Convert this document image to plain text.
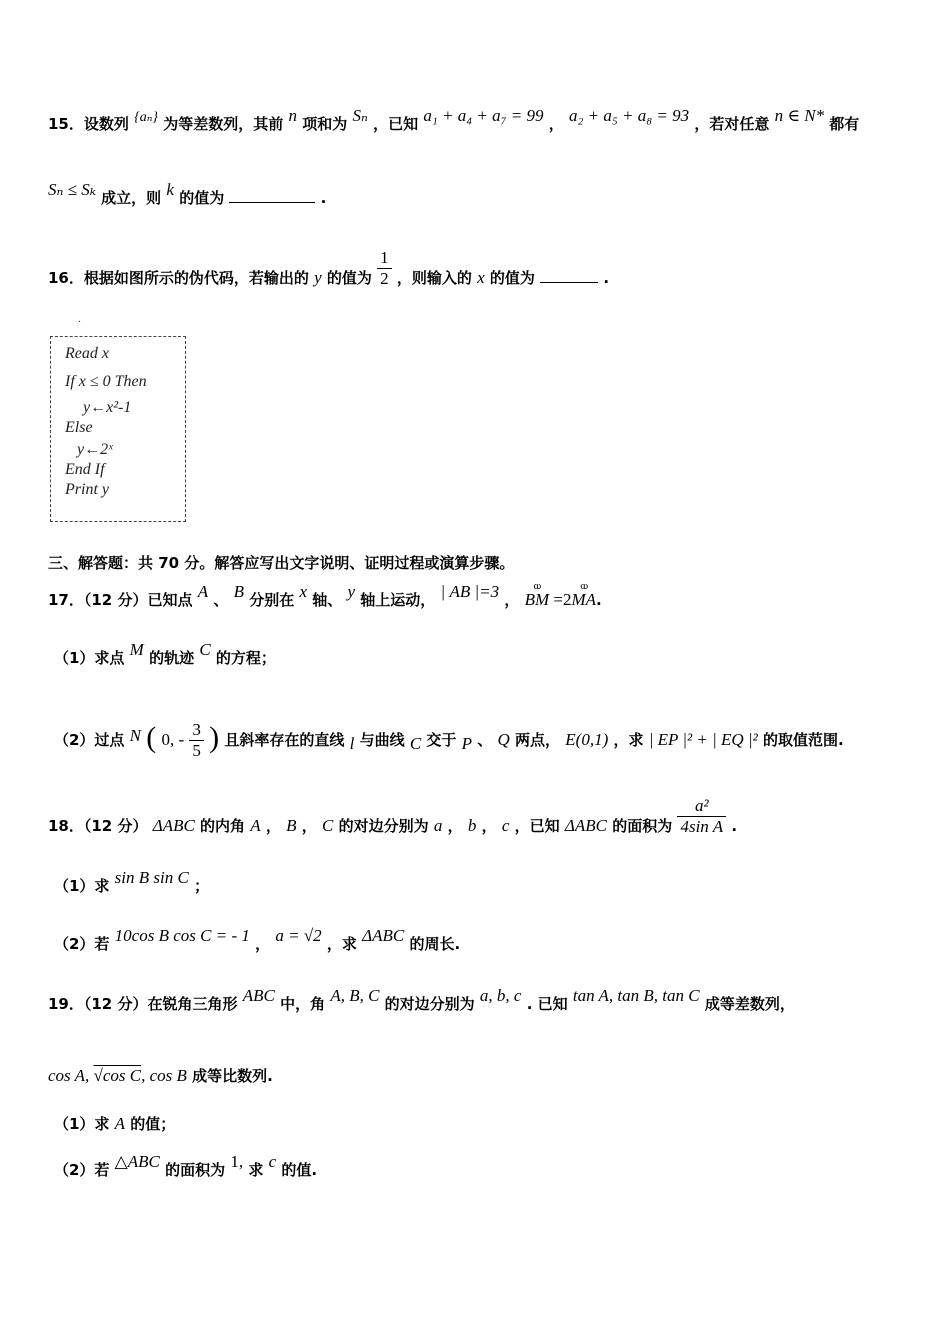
15．设数列 {aₙ} 为等差数列，其前 n 项和为 Sₙ ，已知 a₁ + a₄ + a₇ = 99 ， a₂ + a₅ + a₈ = 93 ，若对任意 n ∈ N* 都有
Sₙ ≤ Sₖ 成立，则 k 的值为	.
16．根据如图所示的伪代码，若输出的 y 的值为 $\frac{1}{2}$ ，则输入的 x 的值为	.
·
Read x
If x ≤ 0 Then
y←x²-1
Else
y←2ˣ
End If
Print y
三、解答题：共 70 分。解答应写出文字说明、证明过程或演算步骤。
17．（12 分）已知点 A 、 B 分别在 x 轴、 y 轴上运动， | AB |=3 ， ⲱ BM =2ⲱ MA.
（1）求点 M 的轨迹 C 的方程；
（2）过点 N ( 0, - $\frac{3}{5}$ ) 且斜率存在的直线 l 与曲线 C 交于 P 、 Q 两点， E(0,1) ，求 | EP |² + | EQ |² 的取值范围.
18．（12 分） ΔABC 的内角 A ， B ， C 的对边分别为 a ， b ， c ，已知 ΔABC 的面积为 $\frac{\text{a²}}{\text{4sin A}}$ .
（1）求 sin B sin C ；
（2）若 10cos B cos C = - 1 ， a = √2 ，求 ΔABC 的周长.
19．（12 分）在锐角三角形 ABC 中，角 A, B, C 的对边分别为 a, b, c . 已知 tan A, tan B, tan C 成等差数列，
cos A, √cos C, cos B 成等比数列.
（1）求 A 的值；
（2）若 △ABC 的面积为 1, 求 c 的值.
